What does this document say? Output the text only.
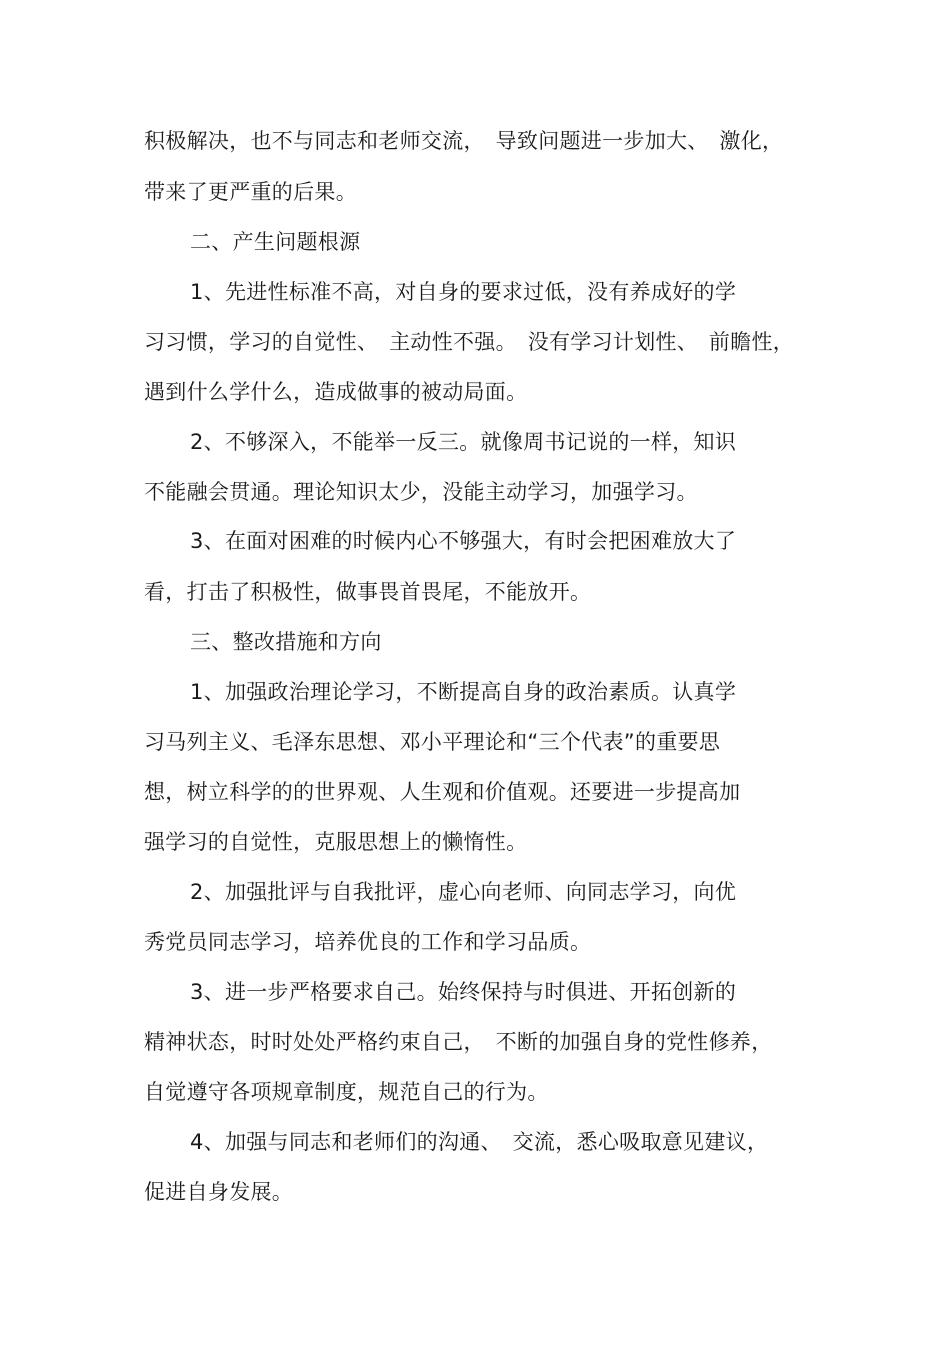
积极解决，也不与同志和老师交流，　导致问题进一步加大、　激化，
带来了更严重的后果。
二、产生问题根源
1、先进性标准不高，对自身的要求过低，没有养成好的学
习习惯，学习的自觉性、　主动性不强。　没有学习计划性、　前瞻性，
遇到什么学什么，造成做事的被动局面。
2、不够深入，不能举一反三。就像周书记说的一样，知识
不能融会贯通。理论知识太少，没能主动学习，加强学习。
3、在面对困难的时候内心不够强大，有时会把困难放大了
看，打击了积极性，做事畏首畏尾，不能放开。
三、整改措施和方向
1、加强政治理论学习，不断提高自身的政治素质。认真学
习马列主义、毛泽东思想、邓小平理论和“三个代表”的重要思
想，树立科学的的世界观、人生观和价值观。还要进一步提高加
强学习的自觉性，克服思想上的懒惰性。
2、加强批评与自我批评，虚心向老师、向同志学习，向优
秀党员同志学习，培养优良的工作和学习品质。
3、进一步严格要求自己。始终保持与时俱进、开拓创新的
精神状态，时时处处严格约束自己，　不断的加强自身的党性修养，
自觉遵守各项规章制度，规范自己的行为。
4、加强与同志和老师们的沟通、　交流，悉心吸取意见建议，
促进自身发展。
